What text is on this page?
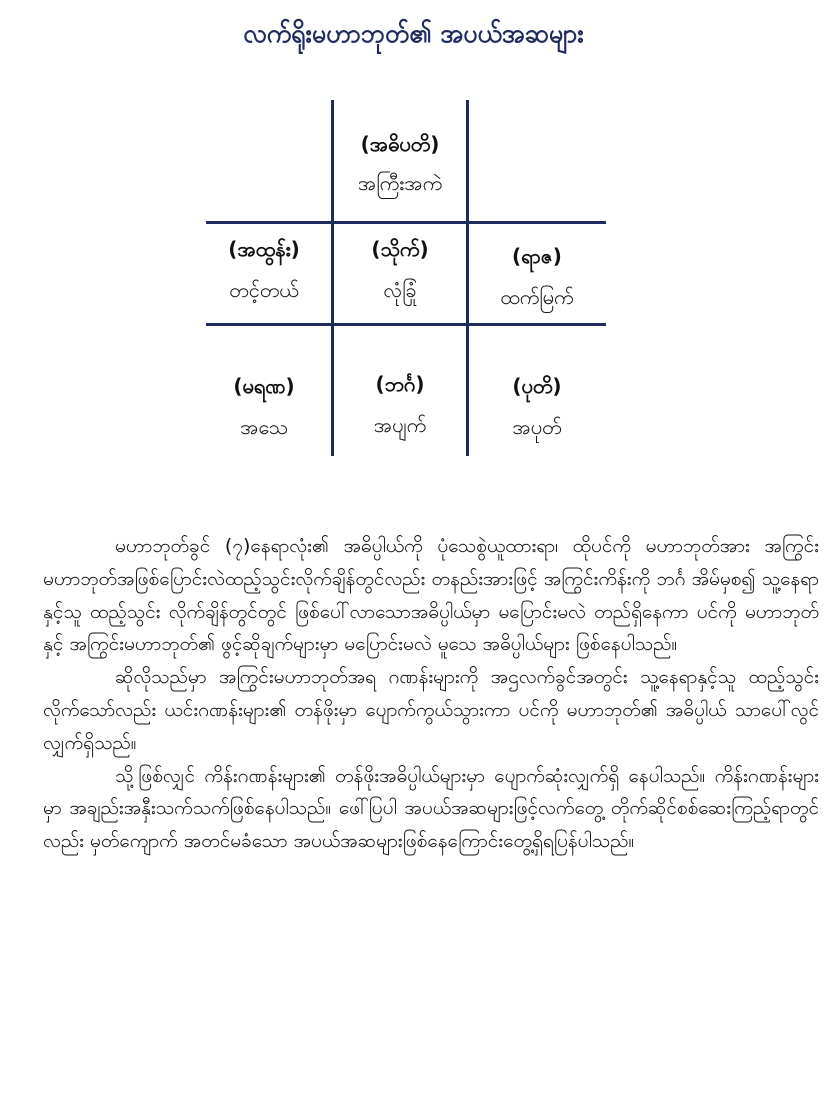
လက်ရိုးမဟာဘုတ်၏ အပယ်အဆများ
(အဓိပတိ)
အကြီးအကဲ
(အထွန်း)
တင့်တယ်
(သိုက်)
လုံခြုံ
(ရာဇ)
ထက်မြက်
(မရဏ)
အသေ
(ဘင်္ဂ)
အပျက်
(ပုတိ)
အပုတ်

မဟာဘုတ်ခွင် (၇)နေရာလုံး၏ အဓိပ္ပါယ်ကို ပုံသေစွဲယူထားရာ၊ ထိုပင်ကို မဟာဘုတ်အား အကြွင်းမဟာဘုတ်အဖြစ်ပြောင်းလဲထည့်သွင်းလိုက်ချိန်တွင်လည်း တနည်းအားဖြင့် အကြွင်းကိန်းကို ဘင်္ဂ အိမ်မှစ၍ သူ့နေရာနှင့်သူ ထည့်သွင်း လိုက်ချိန်တွင်တွင် ဖြစ်ပေါ်လာသောအဓိပ္ပါယ်မှာ မပြောင်းမလဲ တည်ရှိနေကာ ပင်ကို မဟာဘုတ်နှင့် အကြွင်းမဟာဘုတ်၏ ဖွင့်ဆိုချက်များမှာ မပြောင်းမလဲ မူသေ အဓိပ္ပါယ်များ ဖြစ်နေပါသည်။

ဆိုလိုသည်မှာ အကြွင်းမဟာဘုတ်အရ ဂဏန်းများကို အဌလက်ခွင်အတွင်း သူ့နေရာနှင့်သူ ထည့်သွင်းလိုက်သော်လည်း ယင်းဂဏန်းများ၏ တန်ဖိုးမှာ ပျောက်ကွယ်သွားကာ ပင်ကို မဟာဘုတ်၏ အဓိပ္ပါယ် သာပေါ်လွင်လျှက်ရှိသည်။

သို့ဖြစ်လျှင် ကိန်းဂဏန်းများ၏ တန်ဖိုးအဓိပ္ပါယ်များမှာ ပျောက်ဆုံးလျှက်ရှိ နေပါသည်။ ကိန်းဂဏန်းများမှာ အချည်းအနှီးသက်သက်ဖြစ်နေပါသည်။ ဖေါ်ပြပါ အပယ်အဆများဖြင့်လက်တွေ့ တိုက်ဆိုင်စစ်ဆေးကြည့်ရာတွင်လည်း မှတ်ကျောက် အတင်မခံသော အပယ်အဆများဖြစ်နေကြောင်းတွေ့ရှိရပြန်ပါသည်။
